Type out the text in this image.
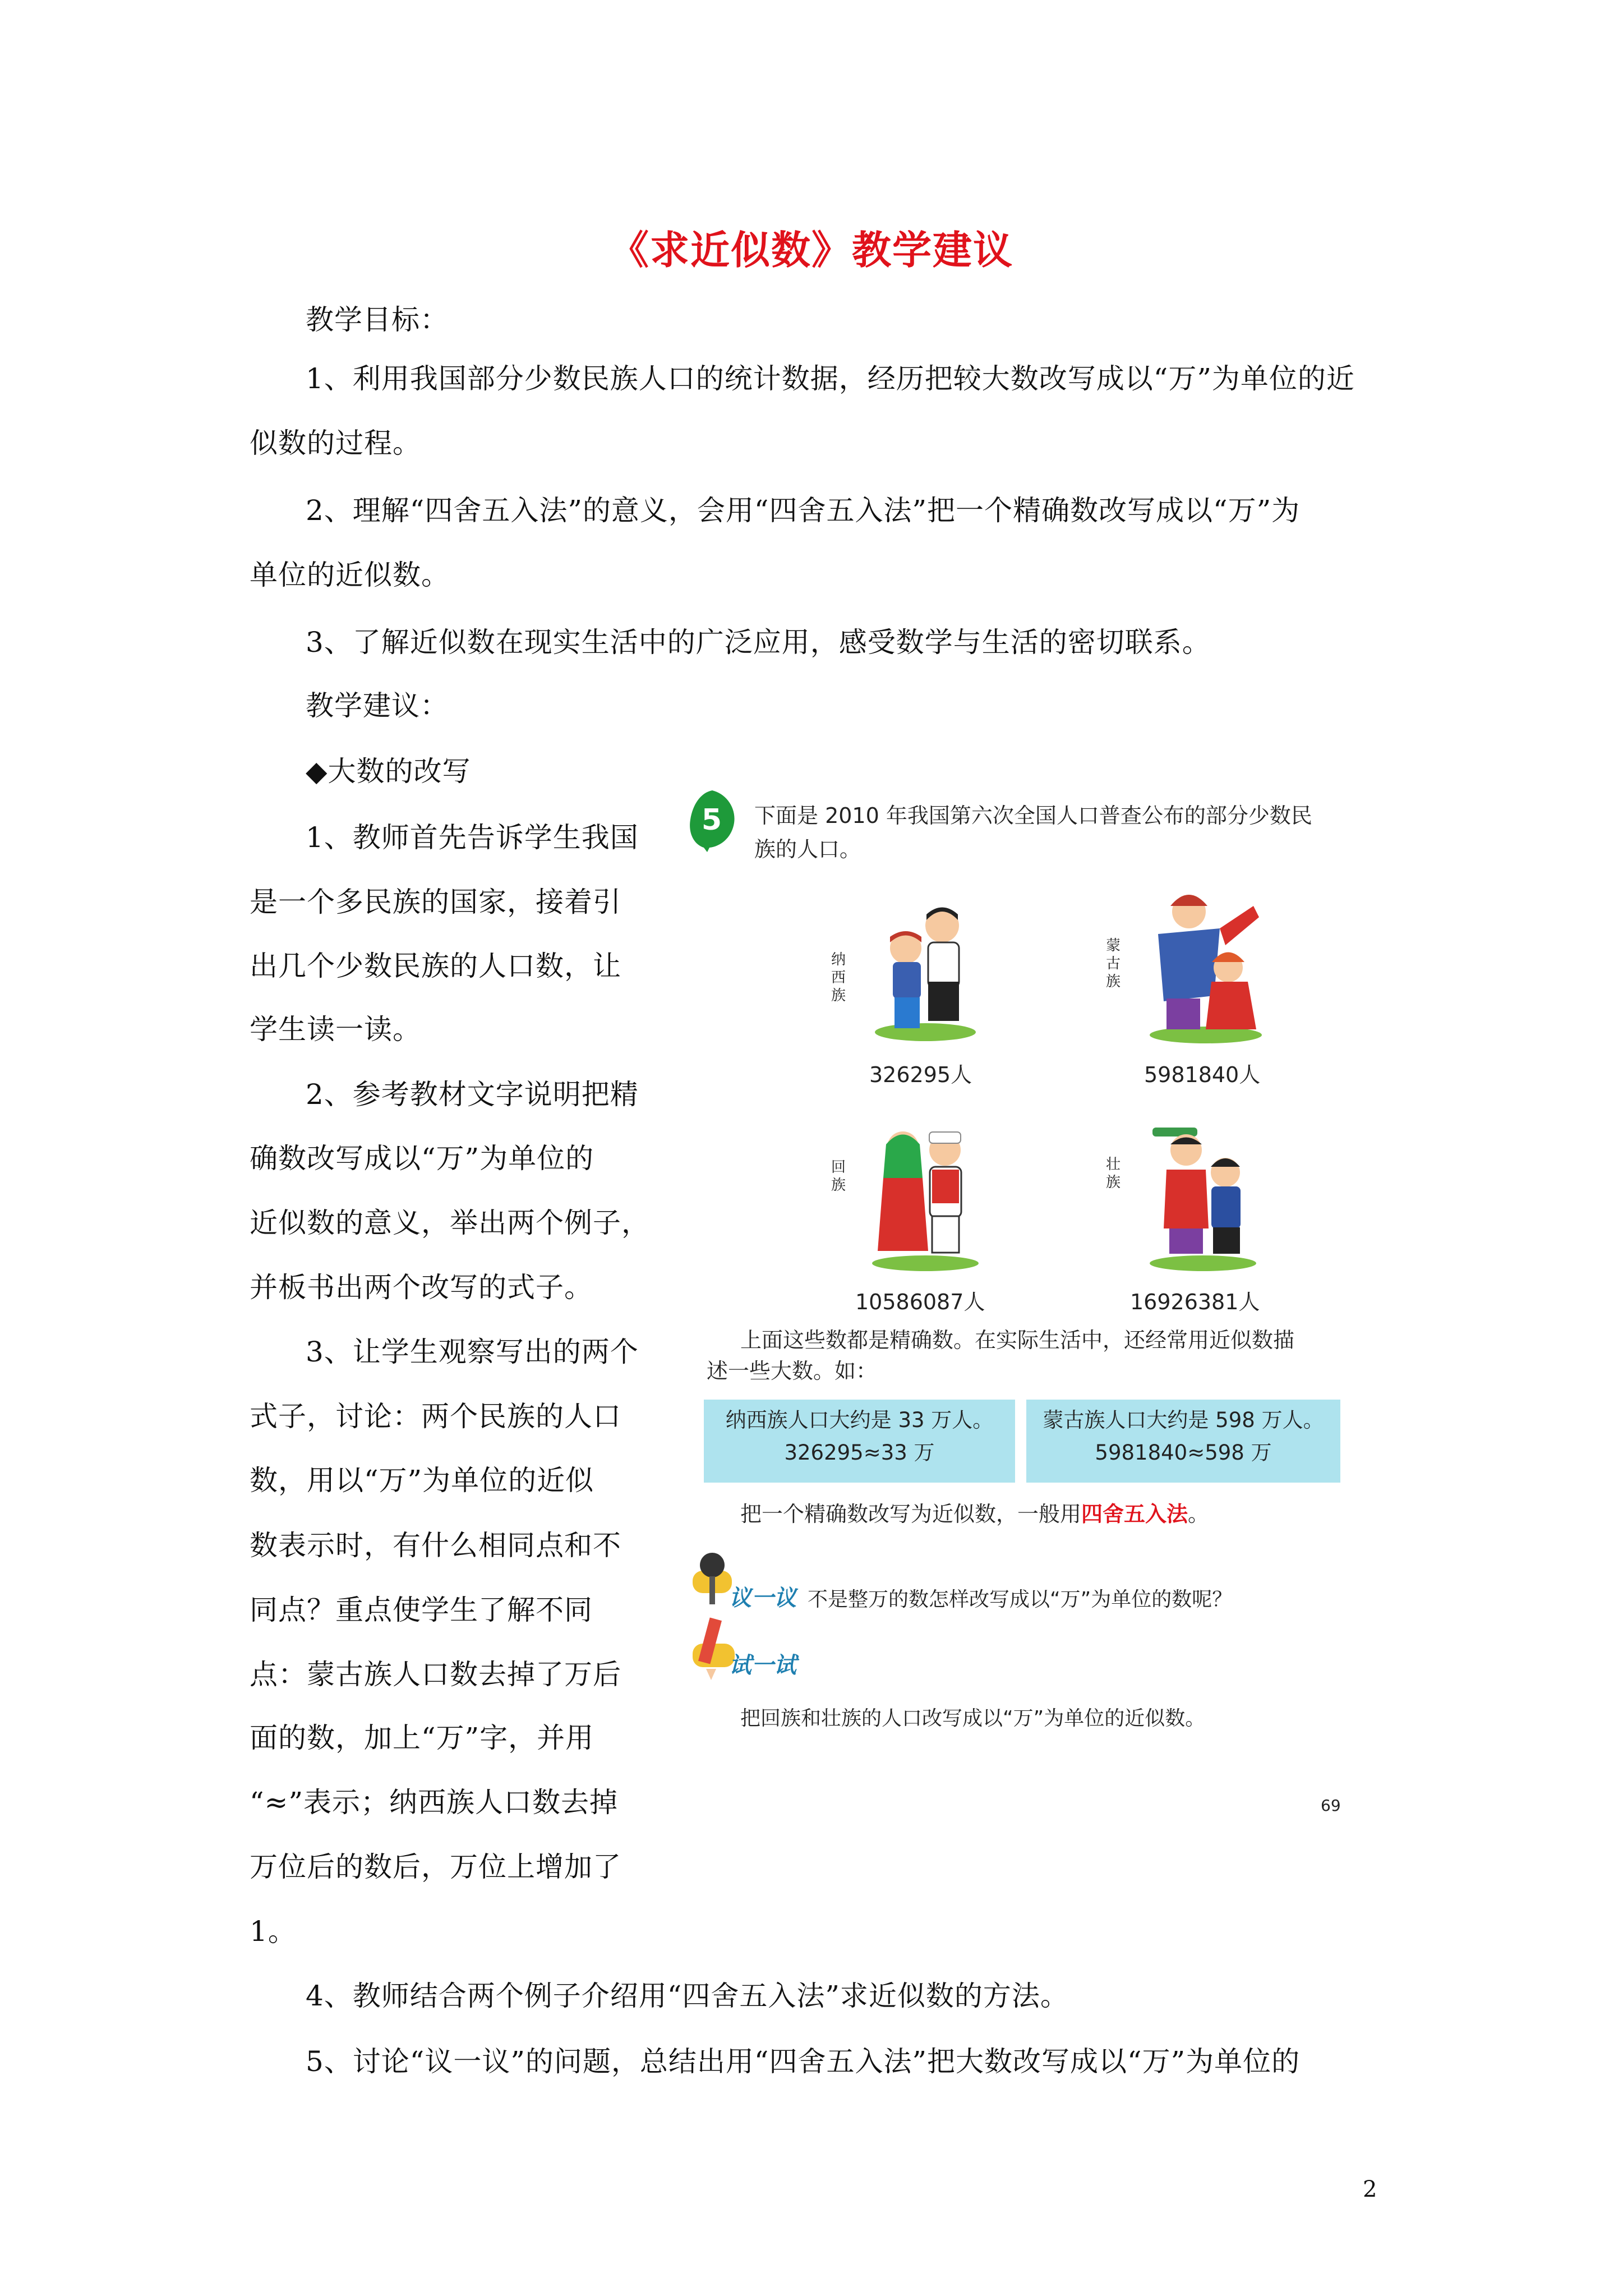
《求近似数》教学建议
教学目标：
1、利用我国部分少数民族人口的统计数据，经历把较大数改写成以“万”为单位的近
似数的过程。
2、理解“四舍五入法”的意义，会用“四舍五入法”把一个精确数改写成以“万”为
单位的近似数。
3、了解近似数在现实生活中的广泛应用，感受数学与生活的密切联系。
教学建议：
◆大数的改写
1、教师首先告诉学生我国
是一个多民族的国家，接着引
出几个少数民族的人口数，让
学生读一读。
2、参考教材文字说明把精
确数改写成以“万”为单位的
近似数的意义，举出两个例子，
并板书出两个改写的式子。
3、让学生观察写出的两个
式子，讨论：两个民族的人口
数，用以“万”为单位的近似
数表示时，有什么相同点和不
同点？重点使学生了解不同
点：蒙古族人口数去掉了万后
面的数，加上“万”字，并用
“≈”表示；纳西族人口数去掉
万位后的数后，万位上增加了
1。
5 下面是 2010 年我国第六次全国人口普查公布的部分少数民
族的人口。
纳西族
326295人
蒙古族
5981840人
回族
10586087人
壮族
16926381人
上面这些数都是精确数。在实际生活中，还经常用近似数描
述一些大数。如：
纳西族人口大约是 33 万人。
326295≈33 万
蒙古族人口大约是 598 万人。
5981840≈598 万
把一个精确数改写为近似数，一般用四舍五入法。
议一议 不是整万的数怎样改写成以“万”为单位的数呢？
试一试
把回族和壮族的人口改写成以“万”为单位的近似数。
69
4、教师结合两个例子介绍用“四舍五入法”求近似数的方法。
5、讨论“议一议”的问题，总结出用“四舍五入法”把大数改写成以“万”为单位的
2
